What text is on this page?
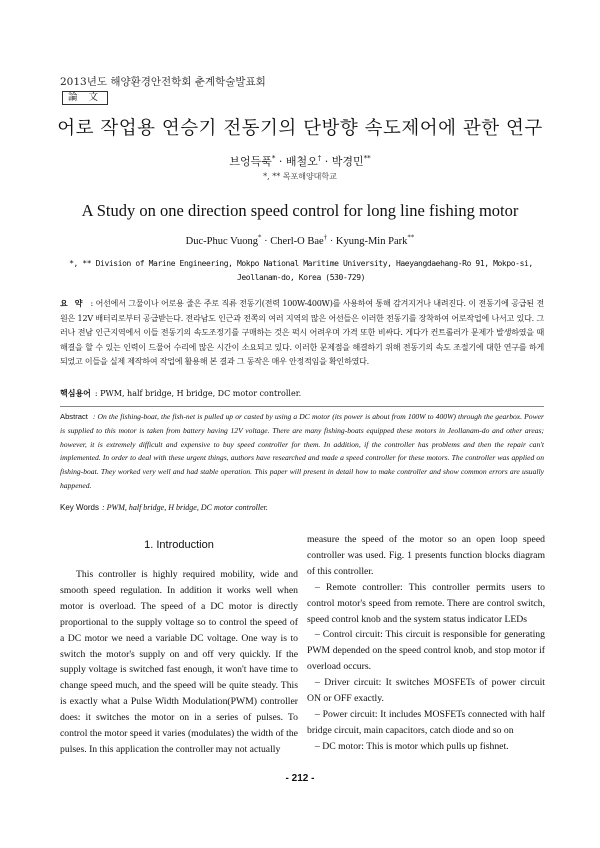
2013년도 해양환경안전학회 춘계학술발표회
論 文
어로 작업용 연승기 전동기의 단방향 속도제어에 관한 연구
브엉득푹* · 배철오† · 박경민**
*, ** 목포해양대학교
A Study on one direction speed control for long line fishing motor
Duc-Phuc Vuong* · Cherl-O Bae† · Kyung-Min Park**
*, ** Division of Marine Engineering, Mokpo National Maritime University, Haeyangdaehang-Ro 91, Mokpo-si, Jeollanam-do, Korea (530-729)
요 약 : 어선에서 그물이나 어로용 줄은 주로 직류 전동기(전력 100W-400W)를 사용하여 통해 감겨지거나 내려진다. 이 전동기에 공급된 전원은 12V 배터리로부터 공급받는다. 전라남도 인근과 전쪽의 여러 지역의 많은 어선들은 이러한 전동기를 장착하여 어로작업에 나서고 있다. 그러나 전남 인근지역에서 이들 전동기의 속도조정기를 구매하는 것은 퍽시 어려우며 가격 또한 비싸다. 게다가 컨트롤러가 문제가 발생하였을 때 해결을 할 수 있는 인력이 드물어 수리에 많은 시간이 소요되고 있다. 이러한 문제점을 해결하기 위해 전동기의 속도 조절기에 대한 연구를 하게 되었고 이들을 실제 제작하여 작업에 활용해 본 결과 그 동작은 매우 안정적임을 확인하였다.
핵심용어 : PWM, half bridge, H bridge, DC motor controller.
Abstract : On the fishing-boat, the fish-net is pulled up or casted by using a DC motor (its power is about from 100W to 400W) through the gearbox. Power is supplied to this motor is taken from battery having 12V voltage. There are many fishing-boats equipped these motors in Jeollanam-do and other areas; however, it is extremely difficult and expensive to buy speed controller for them. In addition, if the controller has problems and then the repair can't implemented. In order to deal with these urgent things, authors have researched and made a speed controller for these motors. The controller was applied on fishing-boat. They worked very well and had stable operation. This paper will present in detail how to make controller and show common errors are usually happened.
Key Words : PWM, half bridge, H bridge, DC motor controller.
1. Introduction

This controller is highly required mobility, wide and smooth speed regulation. In addition it works well when motor is overload. The speed of a DC motor is directly proportional to the supply voltage so to control the speed of a DC motor we need a variable DC voltage. One way is to switch the motor's supply on and off very quickly. If the supply voltage is switched fast enough, it won't have time to change speed much, and the speed will be quite steady. This is exactly what a Pulse Width Modulation(PWM) controller does: it switches the motor on in a series of pulses. To control the motor speed it varies (modulates) the width of the pulses. In this application the controller may not actually

measure the speed of the motor so an open loop speed controller was used. Fig. 1 presents function blocks diagram of this controller.

– Remote controller: This controller permits users to control motor's speed from remote. There are control switch, speed control knob and the system status indicator LEDs

– Control circuit: This circuit is responsible for generating PWM depended on the speed control knob, and stop motor if overload occurs.

– Driver circuit: It switches MOSFETs of power circuit ON or OFF exactly.

– Power circuit: It includes MOSFETs connected with half bridge circuit, main capacitors, catch diode and so on

– DC motor: This is motor which pulls up fishnet.

- 212 -
